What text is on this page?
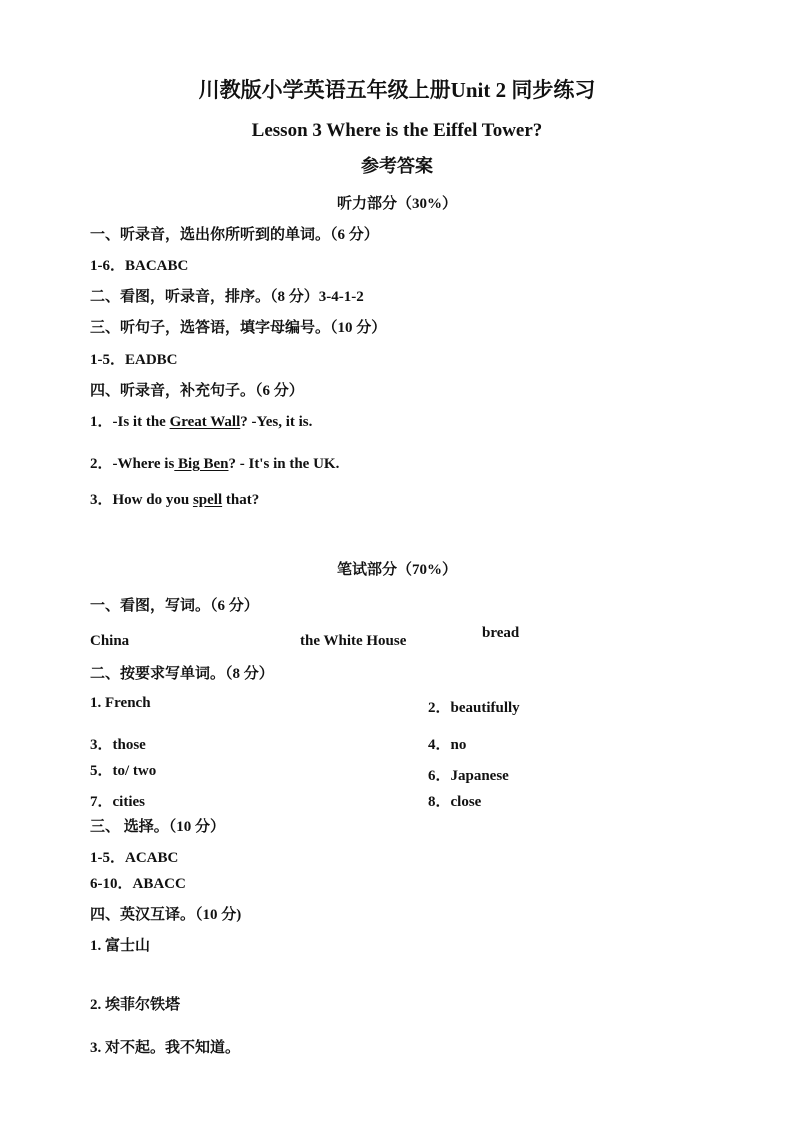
川教版小学英语五年级上册Unit 2 同步练习
Lesson 3 Where is the Eiffel Tower?
参考答案
听力部分（30%）
一、听录音，选出你所听到的单词。（6 分）
1-6．BACABC
二、看图，听录音，排序。（8 分）3-4-1-2
三、听句子，选答语，填字母编号。（10 分）
1-5．EADBC
四、听录音，补充句子。（6 分）
1．-Is it the Great Wall? -Yes, it is.
2．-Where is Big Ben? - It's in the UK.
3．How do you spell that?
笔试部分（70%）
一、看图，写词。（6 分）
China	the White House	bread
二、按要求写单词。（8 分）
1. French	2．beautifully
3．those	4．no
5．to/ two	6．Japanese
7．cities	8．close
三、 选择。（10 分）
1-5．ACABC
6-10．ABACC
四、英汉互译。（10 分)
1. 富士山
2. 埃菲尔铁塔
3. 对不起。我不知道。
